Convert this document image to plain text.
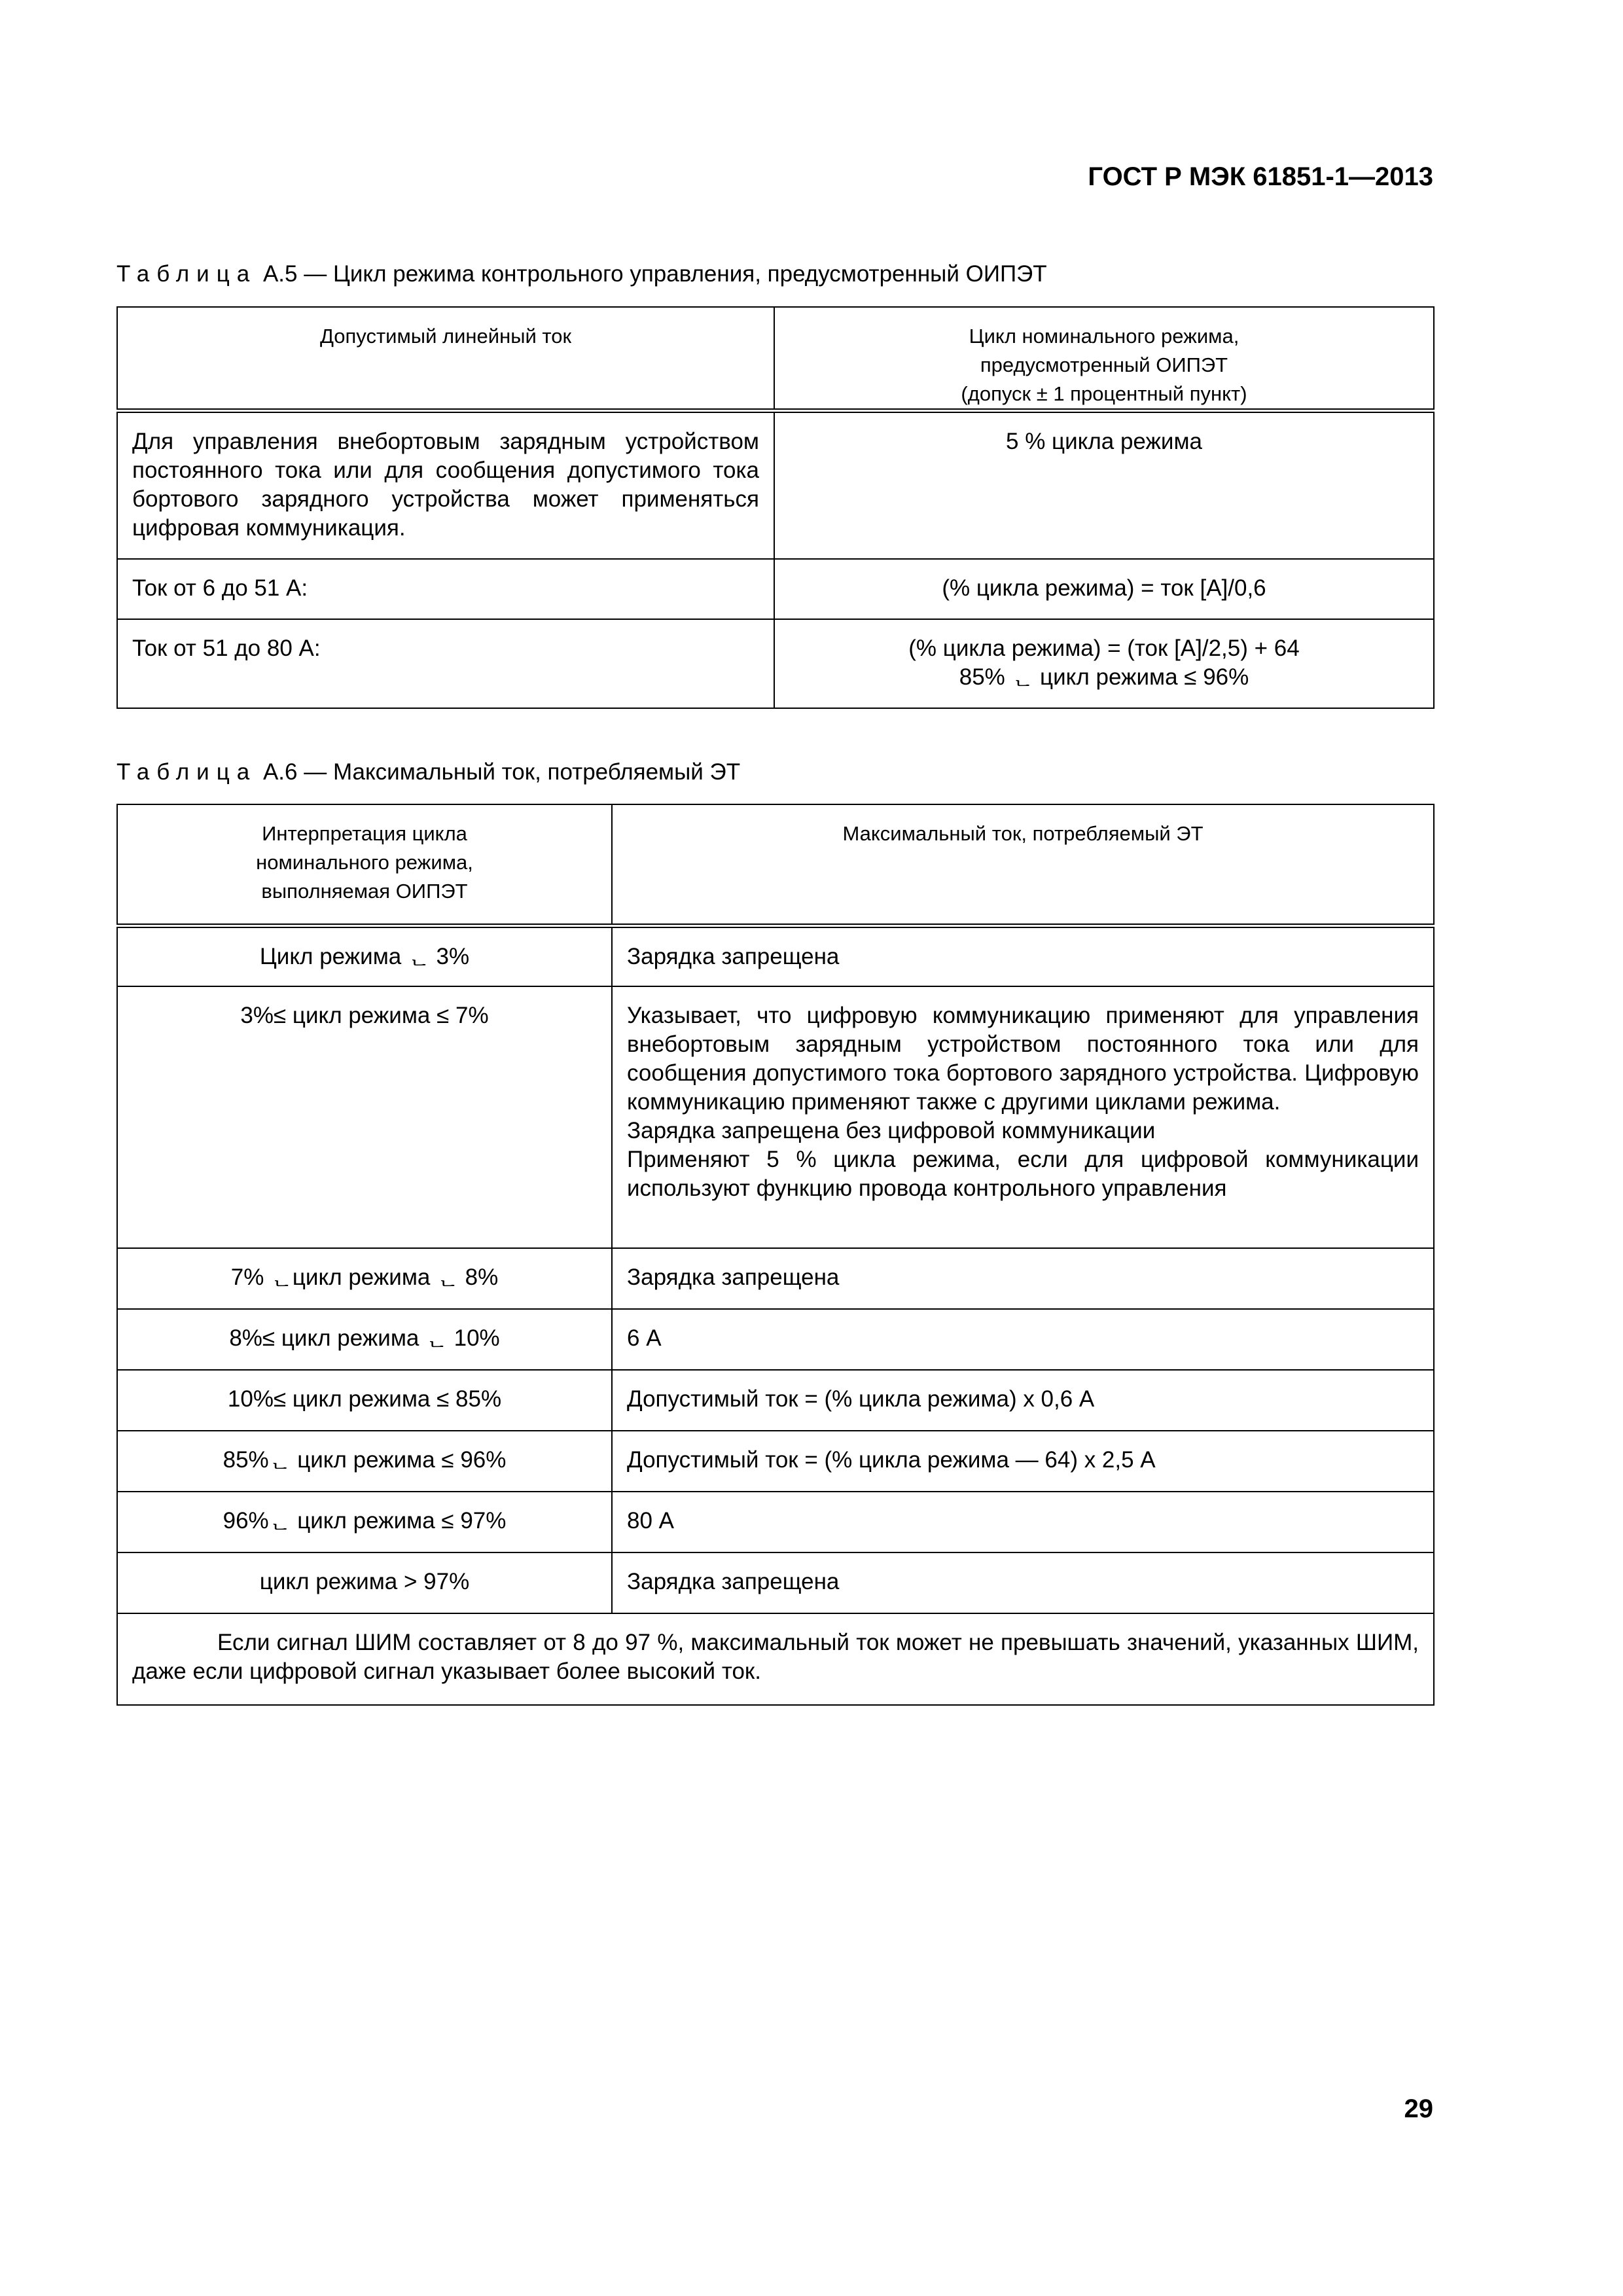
ГОСТ Р МЭК 61851-1—2013
Таблица А.5 — Цикл режима контрольного управления, предусмотренный ОИПЭТ
Допустимый линейный ток	Цикл номинального режима,
предусмотренный ОИПЭТ
(допуск ± 1 процентный пункт)

Для управления внебортовым зарядным устройством постоянного тока или для сообщения допустимого тока бортового зарядного устройства может применяться цифровая коммуникация.	5 % цикла режима
Ток от 6 до 51 А:	(% цикла режима) = ток [А]/0,6
Ток от 51 до 80 А:	(% цикла режима) = (ток [А]/2,5) + 64
85% ᆫ цикл режима ≤ 96%
Таблица А.6 — Максимальный ток, потребляемый ЭТ
Интерпретация цикла
номинального режима,
выполняемая ОИПЭТ	Максимальный ток, потребляемый ЭТ
Цикл режима ᆫ 3%	Зарядка запрещена
3%≤ цикл режима ≤ 7%	Указывает, что цифровую коммуникацию применяют для управления внебортовым зарядным устройством постоянного тока или для сообщения допустимого тока бортового зарядного устройства. Цифровую коммуникацию применяют также с другими циклами режима.
Зарядка запрещена без цифровой коммуникации
Применяют 5 % цикла режима, если для цифровой коммуникации используют функцию провода контрольного управления

7% ᆫцикл режима ᆫ 8%	Зарядка запрещена
8%≤ цикл режима ᆫ 10%	6 А
10%≤ цикл режима ≤ 85%	Допустимый ток = (% цикла режима) х 0,6 А
85%ᆫ цикл режима ≤ 96%	Допустимый ток = (% цикла режима — 64) х 2,5 А
96%ᆫ цикл режима ≤ 97%	80 А
цикл режима > 97%	Зарядка запрещена
Если сигнал ШИМ составляет от 8 до 97 %, максимальный ток может не превышать значений, указанных ШИМ, даже если цифровой сигнал указывает более высокий ток.	
29
